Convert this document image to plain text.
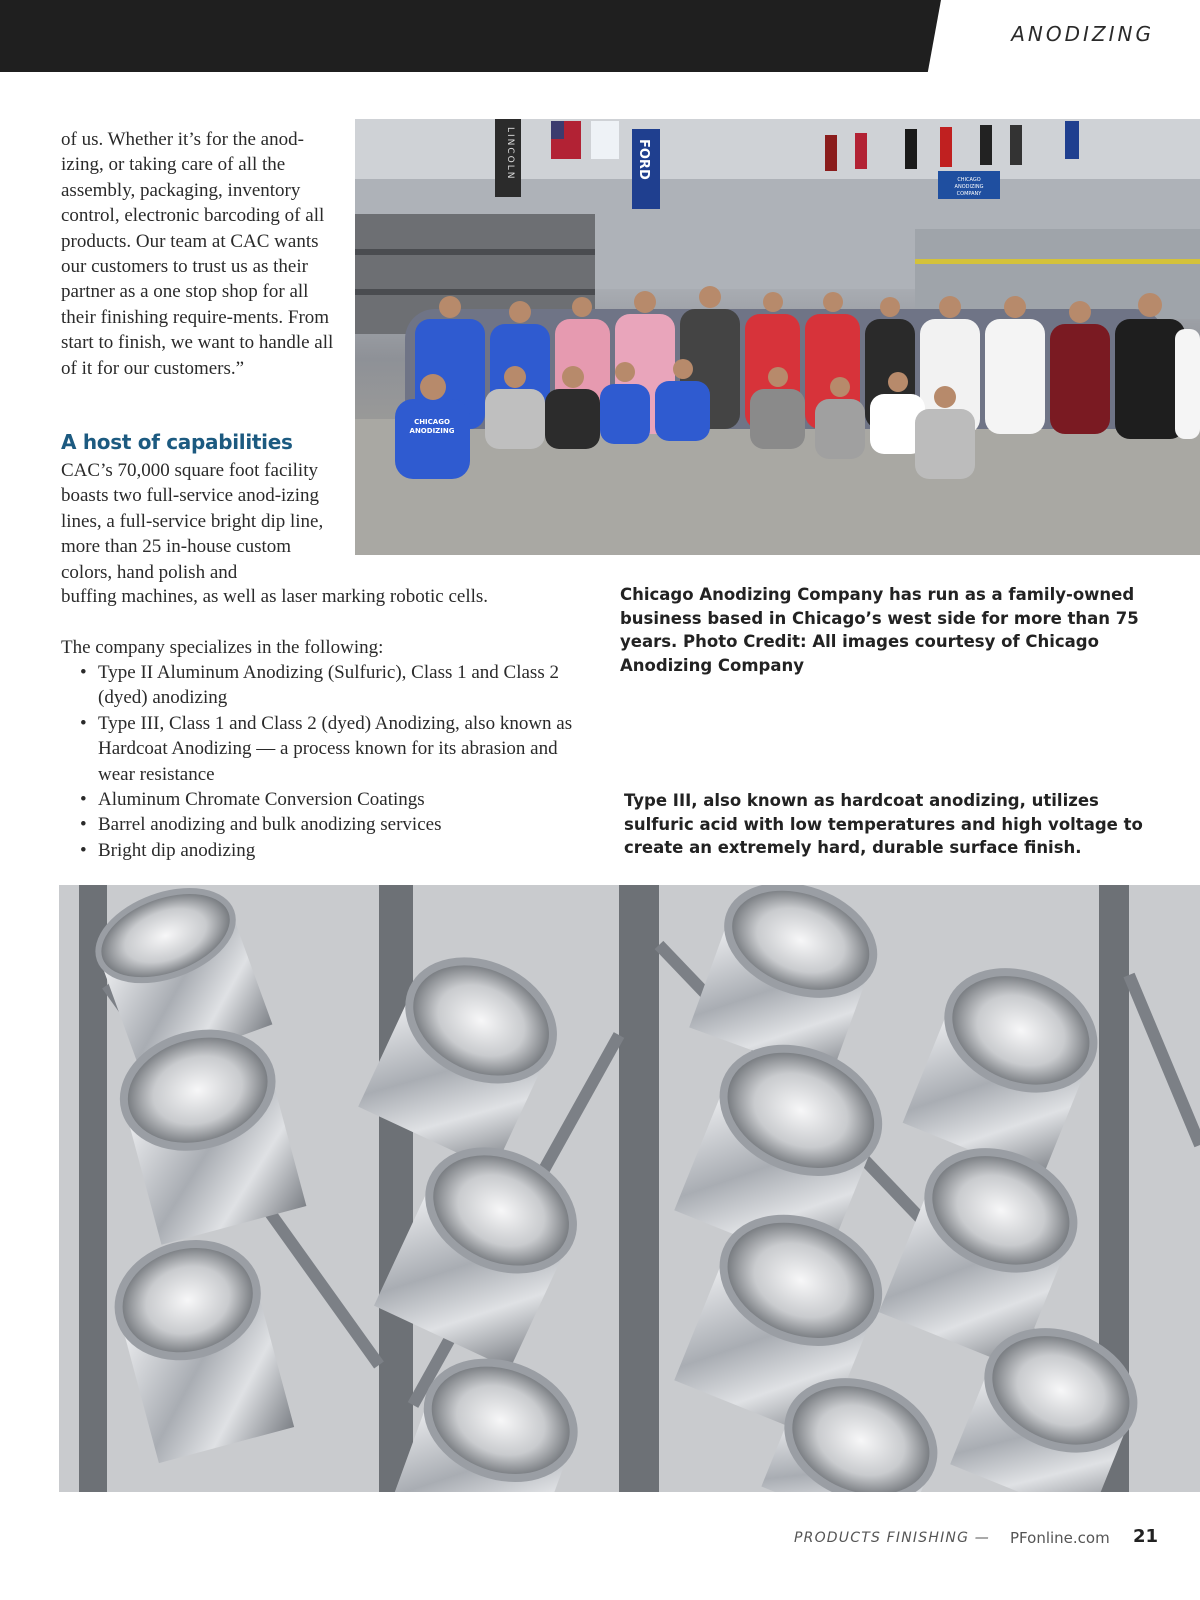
ANODIZING
of us. Whether it’s for the anod-izing, or taking care of all the assembly, packaging, inventory control, electronic barcoding of all products. Our team at CAC wants our customers to trust us as their partner as a one stop shop for all their finishing require-ments. From start to finish, we want to handle all of it for our customers.”
A host of capabilities
CAC’s 70,000 square foot facility boasts two full-service anod-izing lines, a full-service bright dip line, more than 25 in-house custom colors, hand polish and
buffing machines, as well as laser marking robotic cells.
The company specializes in the following:
• Type II Aluminum Anodizing (Sulfuric), Class 1 and Class 2 (dyed) anodizing
• Type III, Class 1 and Class 2 (dyed) Anodizing, also known as Hardcoat Anodizing — a process known for its abrasion and wear resistance
• Aluminum Chromate Conversion Coatings
• Barrel anodizing and bulk anodizing services
• Bright dip anodizing
LINCOLN	FORD
CHICAGO
ANODIZING
COMPANY
CHICAGO
ANODIZING
Chicago Anodizing Company has run as a family-owned business based in Chicago’s west side for more than 75 years. Photo Credit: All images courtesy of Chicago Anodizing Company
Type III, also known as hardcoat anodizing, utilizes sulfuric acid with low temperatures and high voltage to create an extremely hard, durable surface finish.
PRODUCTS FINISHING — PFonline.com 21
